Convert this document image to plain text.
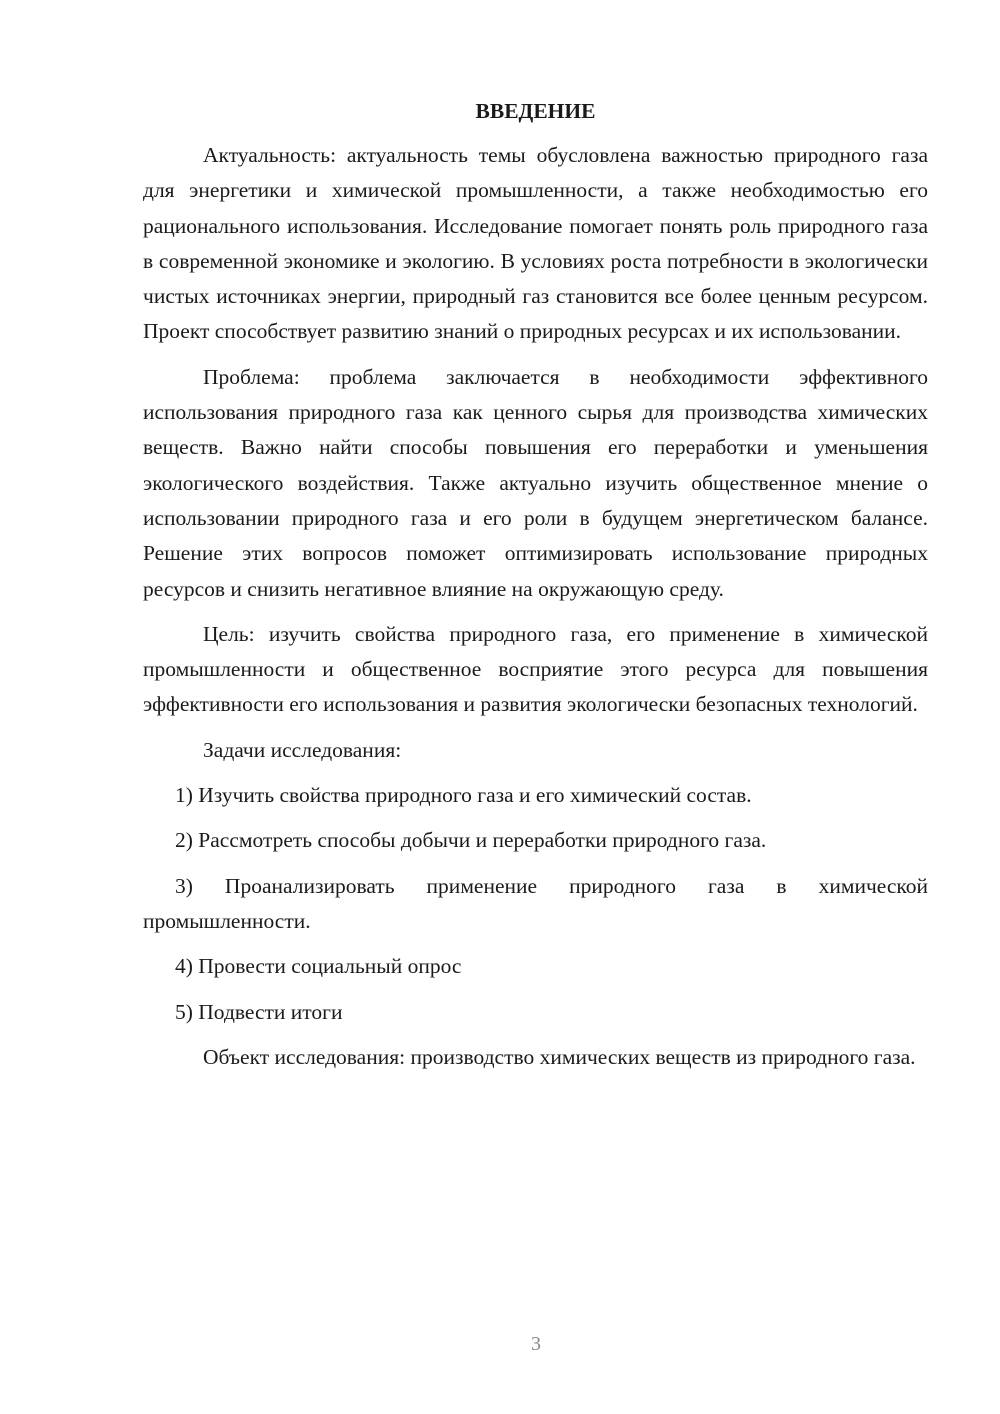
ВВЕДЕНИЕ

Актуальность: актуальность темы обусловлена важностью природного газа для энергетики и химической промышленности, а также необходимостью его рационального использования. Исследование помогает понять роль природного газа в современной экономике и экологию. В условиях роста потребности в экологически чистых источниках энергии, природный газ становится все более ценным ресурсом. Проект способствует развитию знаний о природных ресурсах и их использовании.

Проблема: проблема заключается в необходимости эффективного использования природного газа как ценного сырья для производства химических веществ. Важно найти способы повышения его переработки и уменьшения экологического воздействия. Также актуально изучить общественное мнение о использовании природного газа и его роли в будущем энергетическом балансе. Решение этих вопросов поможет оптимизировать использование природных ресурсов и снизить негативное влияние на окружающую среду.

Цель: изучить свойства природного газа, его применение в химической промышленности и общественное восприятие этого ресурса для повышения эффективности его использования и развития экологически безопасных технологий.

Задачи исследования:

1) Изучить свойства природного газа и его химический состав.

2) Рассмотреть способы добычи и переработки природного газа.

3) Проанализировать применение природного газа в химической промышленности.

4) Провести социальный опрос

5) Подвести итоги

Объект исследования: производство химических веществ из природного газа.

3
